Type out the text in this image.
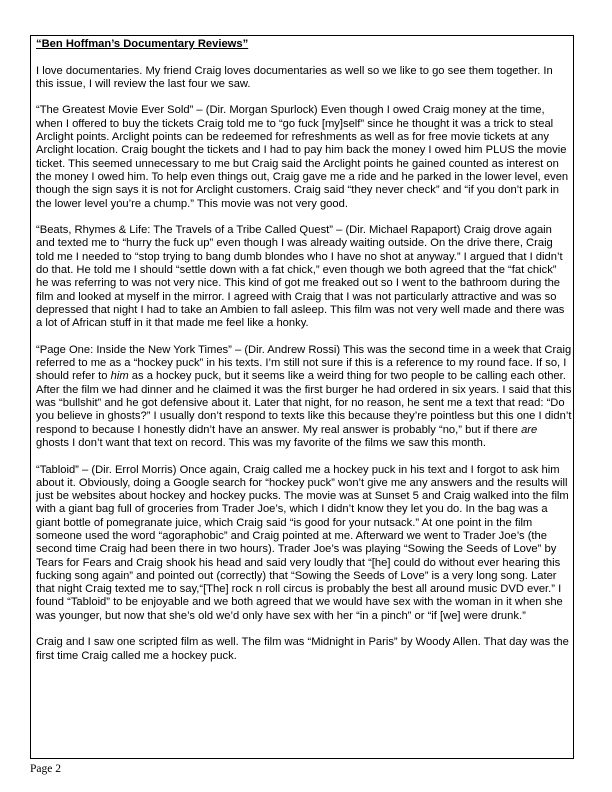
“Ben Hoffman’s Documentary Reviews”

I love documentaries. My friend Craig loves documentaries as well so we like to go see them together. In this issue, I will review the last four we saw.

“The Greatest Movie Ever Sold” – (Dir. Morgan Spurlock) Even though I owed Craig money at the time, when I offered to buy the tickets Craig told me to “go fuck [my]self” since he thought it was a trick to steal Arclight points. Arclight points can be redeemed for refreshments as well as for free movie tickets at any Arclight location. Craig bought the tickets and I had to pay him back the money I owed him PLUS the movie ticket. This seemed unnecessary to me but Craig said the Arclight points he gained counted as interest on the money I owed him. To help even things out, Craig gave me a ride and he parked in the lower level, even though the sign says it is not for Arclight customers. Craig said “they never check” and “if you don’t park in the lower level you’re a chump.” This movie was not very good.

“Beats, Rhymes & Life: The Travels of a Tribe Called Quest” – (Dir. Michael Rapaport) Craig drove again and texted me to “hurry the fuck up” even though I was already waiting outside. On the drive there, Craig told me I needed to “stop trying to bang dumb blondes who I have no shot at anyway.” I argued that I didn’t do that. He told me I should “settle down with a fat chick,” even though we both agreed that the “fat chick” he was referring to was not very nice. This kind of got me freaked out so I went to the bathroom during the film and looked at myself in the mirror. I agreed with Craig that I was not particularly attractive and was so depressed that night I had to take an Ambien to fall asleep. This film was not very well made and there was a lot of African stuff in it that made me feel like a honky.

“Page One: Inside the New York Times” – (Dir. Andrew Rossi) This was the second time in a week that Craig referred to me as a “hockey puck” in his texts. I’m still not sure if this is a reference to my round face. If so, I should refer to him as a hockey puck, but it seems like a weird thing for two people to be calling each other. After the film we had dinner and he claimed it was the first burger he had ordered in six years. I said that this was “bullshit” and he got defensive about it. Later that night, for no reason, he sent me a text that read: “Do you believe in ghosts?” I usually don’t respond to texts like this because they’re pointless but this one I didn’t respond to because I honestly didn’t have an answer. My real answer is probably “no,” but if there are ghosts I don’t want that text on record. This was my favorite of the films we saw this month.

“Tabloid” – (Dir. Errol Morris) Once again, Craig called me a hockey puck in his text and I forgot to ask him about it. Obviously, doing a Google search for “hockey puck” won’t give me any answers and the results will just be websites about hockey and hockey pucks. The movie was at Sunset 5 and Craig walked into the film with a giant bag full of groceries from Trader Joe’s, which I didn’t know they let you do. In the bag was a giant bottle of pomegranate juice, which Craig said “is good for your nutsack.” At one point in the film someone used the word “agoraphobic” and Craig pointed at me. Afterward we went to Trader Joe’s (the second time Craig had been there in two hours). Trader Joe’s was playing “Sowing the Seeds of Love” by Tears for Fears and Craig shook his head and said very loudly that “[he] could do without ever hearing this fucking song again” and pointed out (correctly) that “Sowing the Seeds of Love” is a very long song. Later that night Craig texted me to say,“[The] rock n roll circus is probably the best all around music DVD ever.” I found “Tabloid” to be enjoyable and we both agreed that we would have sex with the woman in it when she was younger, but now that she’s old we’d only have sex with her “in a pinch” or “if [we] were drunk.”

Craig and I saw one scripted film as well. The film was “Midnight in Paris” by Woody Allen. That day was the first time Craig called me a hockey puck.

Page 2
